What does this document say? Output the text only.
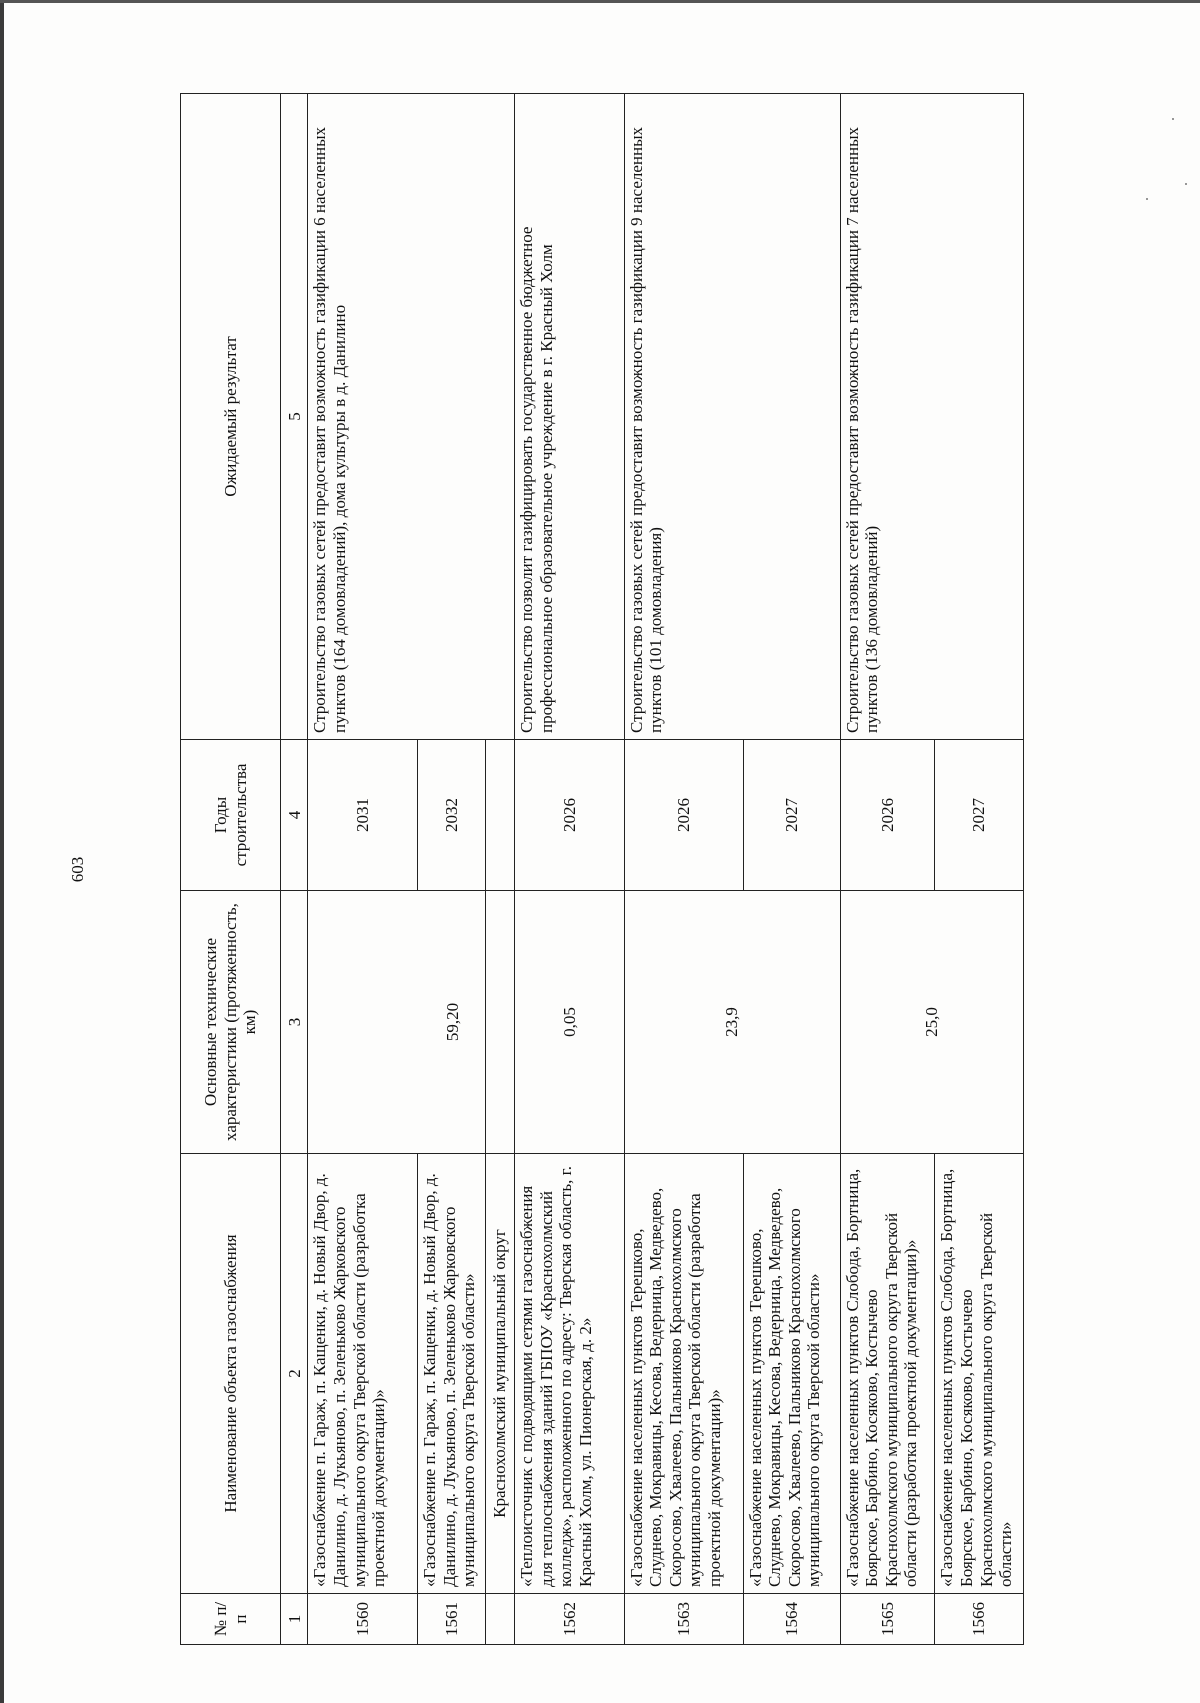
603
№ п/п	Наименование объекта газоснабжения	Основные технические характеристики (протяженность, км)	Годы строительства	Ожидаемый результат
1	2	3	4	5
1560	«Газоснабжение п. Гараж, п. Кащенки, д. Новый Двор, д. Данилино, д. Лукьяново, п. Зеленьково Жарковского муниципального округа Тверской области (разработка проектной документации)»	59,20	2031	Строительство газовых сетей предоставит возможность газификации 6 населенных пунктов (164 домовладений), дома культуры в д. Данилино
1561	«Газоснабжение п. Гараж, п. Кащенки, д. Новый Двор, д. Данилино, д. Лукьяново, п. Зеленьково Жарковского муниципального округа Тверской области»		2032	
	Краснохолмский муниципальный округ			
1562	«Теплоисточник с подводящими сетями газоснабжения для теплоснабжения зданий ГБПОУ «Краснохолмский колледж», расположенного по адресу: Тверская область, г. Красный Холм, ул. Пионерская, д. 2»	0,05	2026	Строительство позволит газифицировать государственное бюджетное профессиональное образовательное учреждение в г. Красный Холм
1563	«Газоснабжение населенных пунктов Терешково, Слуднево, Мокравицы, Кесова, Ведерница, Медведево, Скоросово, Хвалеево, Пальниково Краснохолмского муниципального округа Тверской области (разработка проектной документации)»	23,9	2026	Строительство газовых сетей предоставит возможность газификации 9 населенных пунктов (101 домовладения)
1564	«Газоснабжение населенных пунктов Терешково, Слуднево, Мокравицы, Кесова, Ведерница, Медведево, Скоросово, Хвалеево, Пальниково Краснохолмского муниципального округа Тверской области»		2027	
1565	«Газоснабжение населенных пунктов Слобода, Бортница, Боярское, Барбино, Косяково, Костычево Краснохолмского муниципального округа Тверской области (разработка проектной документации)»	25,0	2026	Строительство газовых сетей предоставит возможность газификации 7 населенных пунктов (136 домовладений)
1566	«Газоснабжение населенных пунктов Слобода, Бортница, Боярское, Барбино, Косяково, Костычево Краснохолмского муниципального округа Тверской области»		2027	
